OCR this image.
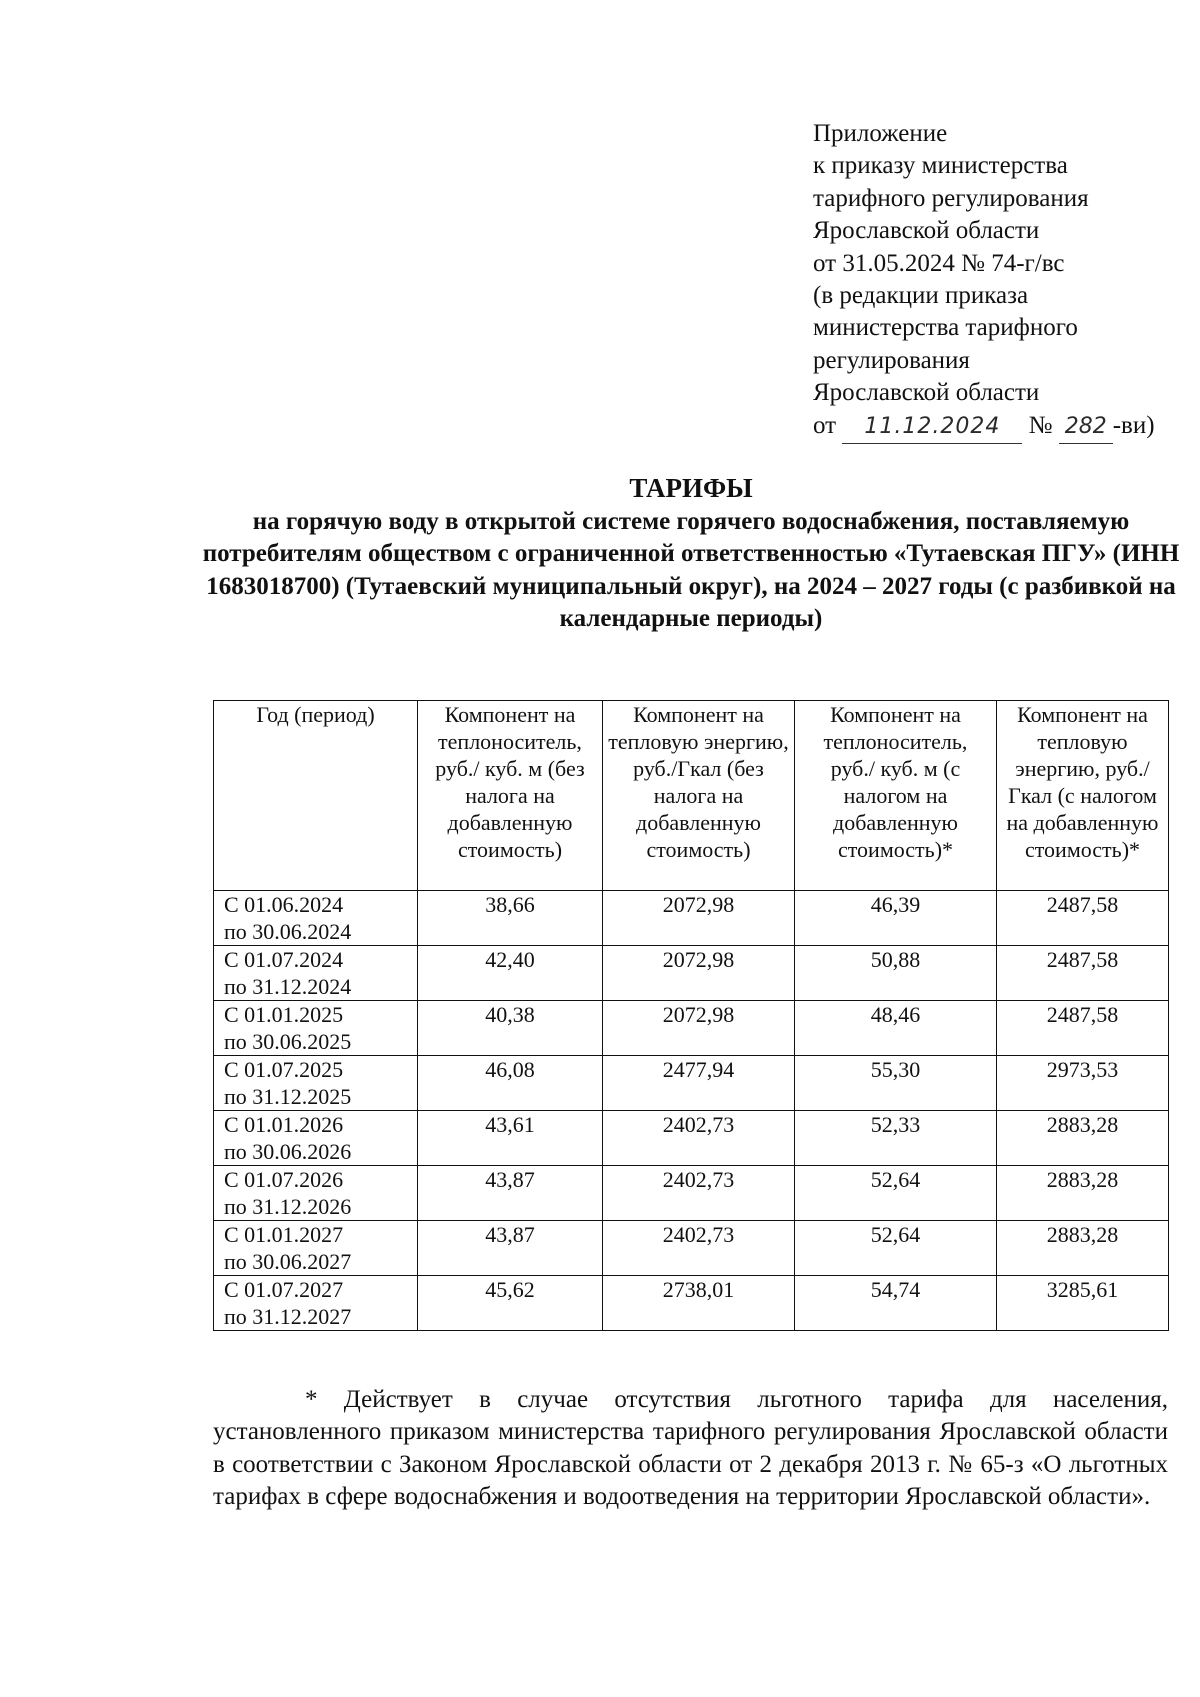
Приложение
к приказу министерства
тарифного регулирования
Ярославской области
от 31.05.2024 № 74-г/вс
(в редакции приказа
министерства тарифного
регулирования
Ярославской области
от 11.12.2024 № 282 -ви)
ТАРИФЫ
на горячую воду в открытой системе горячего водоснабжения, поставляемую потребителям обществом с ограниченной ответственностью «Тутаевская ПГУ» (ИНН 1683018700) (Тутаевский муниципальный округ), на 2024 – 2027 годы (с разбивкой на календарные периоды)
Год (период)	Компонент на теплоноситель, руб./ куб. м (без налога на добавленную стоимость)	Компонент на тепловую энергию, руб./Гкал (без налога на добавленную стоимость)	Компонент на теплоноситель, руб./ куб. м (с налогом на добавленную стоимость)*	Компонент на тепловую энергию, руб./Гкал (с налогом на добавленную стоимость)*

С 01.06.2024
по 30.06.2024	38,66	2072,98	46,39	2487,58

С 01.07.2024
по 31.12.2024	42,40	2072,98	50,88	2487,58

С 01.01.2025
по 30.06.2025	40,38	2072,98	48,46	2487,58

С 01.07.2025
по 31.12.2025	46,08	2477,94	55,30	2973,53

С 01.01.2026
по 30.06.2026	43,61	2402,73	52,33	2883,28

С 01.07.2026
по 31.12.2026	43,87	2402,73	52,64	2883,28

С 01.01.2027
по 30.06.2027	43,87	2402,73	52,64	2883,28

С 01.07.2027
по 31.12.2027	45,62	2738,01	54,74	3285,61
* Действует в случае отсутствия льготного тарифа для населения, установленного приказом министерства тарифного регулирования Ярославской области в соответствии с Законом Ярославской области от 2 декабря 2013 г. № 65-з «О льготных тарифах в сфере водоснабжения и водоотведения на территории Ярославской области».
